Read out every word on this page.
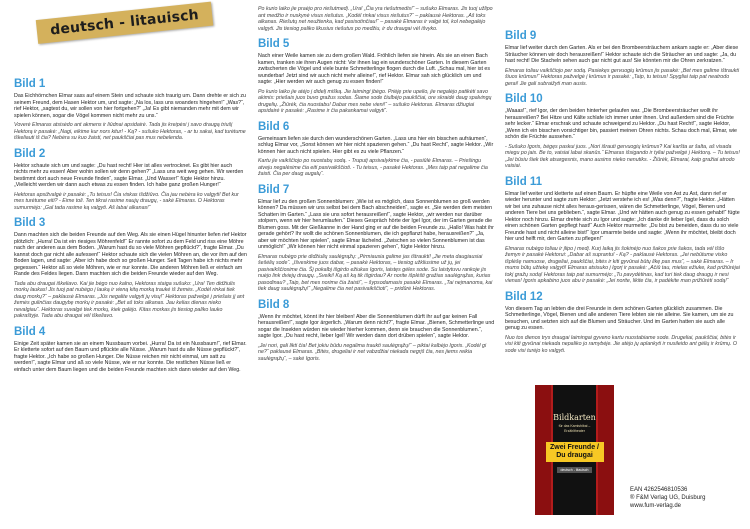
deutsch - litauisch
Bild 1

Das Eichhörnchen Elmar sass auf einem Stein und schaute sich traurig um. Dann drehte er sich zu seinem Freund, dem Hasen Hektor um, und sagte: „Na los, lass uns woanders hingehen!“ „Was?“, rief Hektor, „sagtest du, wir sollen von hier fortgehen?“ „Ja! Es gibt niemanden mehr mit dem wir spielen können, sogar die Vögel kommen nicht mehr zu uns.“

Voverė Elmaras atsisėdo ant akmens ir liūdnai apsidairė. Tada jis kreipėsi į savo draugą triušį Hektorą ir pasakė: „Nagi, eikime kur nors kitur! - Ką? - sušuko Hektoras, - ar tu sakai, kad turėtume iškeliauti iš čia? Nebėra su kuo žaisti, net paukščiai pas mus nebelenda.

Bild 2

Hektor schaute sich um und sagte: „Du hast recht! Hier ist alles vertrocknet. Es gibt hier auch nichts mehr zu essen! Aber wohin sollen wir denn gehen?“ „Lass uns weit weg gehen. Wir werden bestimmt dort auch neue Freunde finden“, sagte Elmar. „Und Wasser!“ fügte Hektor hinzu. „Vielleicht werden wir dann auch etwas zu essen finden. Ich habe ganz großen Hunger!“

Hektoras apsižvalgė ir pasakė: „Tu teisus! Čia viskas išdžiūvo. Čia jau nebėra ko valgyti! Bet kur mes turėtume eiti? - Eime toli. Ten tikrai rasime naujų draugų, - sakė Elmaras. O Hektoras sumurmėjo: „Gal tada rasime ką valgyti. Aš labai alkanas!“

Bild 3

Dann machten sich die beiden Freunde auf den Weg. Als sie einen Hügel hinunter liefen rief Hektor plötzlich: „Hurra! Da ist ein riesiges Möhrenfeld!“ Er rannte sofort zu dem Feld und riss eine Möhre nach der anderen aus dem Boden. „Warum hast du so viele Möhren gepflückt?“, fragte Elmar. „Du kannst doch gar nicht alle aufessen!“ Hektor schaute sich die vielen Möhren an, die vor ihm auf den Boden lagen, und sagte: „Aber ich habe doch so großen Hunger. Seit Tagen habe ich nichts mehr gegessen.“ Hektor aß so viele Möhren, wie er nur konnte. Die anderen Möhren ließ er einfach am Rande des Feldes liegen. Dann machten sich die beiden Freunde wieder auf den Weg.

Tada abu draugai iškeliavo. Kai jie bėgo nuo kalno, Hektoras staiga sušuko: „Ura! Ten didžiulis morkų laukas! Jis tuoj pat nubėgo į lauką ir vieną kitą morką traukė iš žemės. „Kodėl rinkai tiek daug morkų?“ – paklausė Elmaras. „Jūs negalite valgyti jų visų!“ Hektoras pažvelgė į priešais jį ant žemės gulinčias daugybę morkų ir pasakė: „Bet aš toks alkanas. Jau kelias dienas nieko nevalgiau“. Hektoras suvalgė tiek morkų, kiek galėjo. Kitas morkas jis tiesiog paliko lauko pakraštyje. Tada abu draugai vėl iškeliavo.

Bild 4

Einige Zeit später kamen sie an einem Nussbaum vorbei. „Hurra! Da ist ein Nussbaum!“, rief Elmar. Er kletterte sofort auf den Baum und pflückte alle Nüsse. „Warum hast du alle Nüsse gepflückt?“, fragte Hektor. „Ich habe so großen Hunger. Die Nüsse reichen mir nicht einmal, um satt zu werden!“, sagte Elmar und aß so viele Nüsse, wie er nur konnte. Die restlichen Nüsse ließ er einfach unter dem Baum liegen und die beiden Freunde machten sich dann wieder auf den Weg.

Po kurio laiko jie praėjo pro riešutmedį. „Ura! „Čia yra riešutmedis!“ – sušuko Elmaras. Jis tuoj užlipo ant medžio ir nuskynė visus riešutus. „Kodėl rinkai visus riešutus?“ – paklausė Hektoras. „Aš toks alkanas. Riešutų net neužtenka, kad pasisotinčiau!“ – pasakė Elmaras ir valgė tol, kol nebegalėjo valgyti. Jis tiesiog paliko likusius riešutus po medžiu, ir du draugai vėl išvyko.

Bild 5

Nach einer Weile kamen sie zu dem großen Wald. Fröhlich liefen sie hinein. Als sie an einen Bach kamen, tranken sie ihren Augen nicht: Vor ihnen lag ein wunderschöner Garten. In diesem Garten zwitscherten die Vögel und viele bunte Schmetterlinge flogen durch die Luft. „Schau mal, hier ist es wunderbar! Jetzt sind wir auch nicht mehr alleine!“, rief Hektor. Elmar sah sich glücklich um und sagte: „Hier werden wir auch genug zu essen finden!“

Po kurio laiko jie atėjo į didelį mišką. Jie laimingi įbėgo. Priėję prie upelio, jie negalėjo patikėti savo akimis: priešais juos buvo gražus sodas. Šiame sode čiulbėjo paukščiai, ore skraidė daug spalvingų drugelių. „Žiūrėk, čia nuostabu! Dabar mes nebe vieni!“ – sušuko Hektoras. Elmaras džiugiai apsidairė ir pasakė: „Rasime ir čia pakankamai valgyti“.

Bild 6

Gemeinsam liefen sie durch den wunderschönen Garten. „Lass uns hier ein bisschen aufräumen“, schlug Elmar vor, „Sonst können wir hier nicht spazieren gehen.“ „Du hast Recht“, sagte Hektor. „Wir können hier auch nicht spielen. Hier gibt es zu viele Pflanzen.“

Kartu jie vaikščiojo po nuostabų sodą. - Truputį apsivalykime čia, - pasiūlė Elmaras. – Priešingu atveju negalėsime čia eiti pasivaikščioti. - Tu teisus, - pasakė Hektoras. „Mes taip pat negalime čia žaisti. Čia per daug augalų“.

Bild 7

Elmar lief zu den großen Sonnenblumen: „Wie ist es möglich, dass Sonnenblumen so groß werden können? Da müssen wir uns selbst bei dem Bach abschneiden“, sagte er. „Sie werden dem meisten Schatten im Garten.“ „Lass sie uns sofort herausreißen!“, sagte Hektor, „wir werden nur darüber stolpern, wenn wir hier herumlaufen.“ Dieses Gespräch hörte der Igel Igor, der im Garten gerade die Blumen goss. Mit der Gießkanne in der Hand ging er auf die beiden Freunde zu. „Hallo! Was habt ihr gerade gehört? Ihr wollt die schönen Sonnenblumen, die ich gepflanzt habe, herausreißen?“ „Ja, aber wir möchten hier spielen“, sagte Elmar lächelnd. „Zwischen so vielen Sonnenblumen ist das unmöglich!“ „Wir können hier nicht einmal spazieren gehen“, fügte Hektor hinzu.

Elmaras nubėgo prie didžiulių saulėgrąžų: „Pirmiausia galime jas ištraukti! „Jie meta daugiausiai šešėlių sode“. „Išveskime juos dabar, – pasakė Hektoras, – tiesiog užkliusime už jų, jei pasivaikščiosime čia. Šį pokalbį išgirdo ežiukas Igoris, laistęs gėles sode. Su laistytuvu rankoje jis nuėjo link dviejų draugų. „Sveiki! Ką aš ką tik išgirdau? Ar norite išplėšti gražias saulėgrąžas, kurias pasodinau? „Taip, bet mes norime čia žaisti“, – šypsodamasis pasakė Elmaras. „Tai neįmanoma, kai tiek daug saulėgrąžų!“ „Negalime čia net pasivaikščioti“, – pridūrė Hektoras.

Bild 8

„Wenn ihr möchtet, könnt ihr hier bleiben! Aber die Sonnenblumen dürft ihr auf gar keinen Fall herausreißen!“, sagte Igor ärgerlich. „Warum denn nicht?“, fragte Elmar. „Bienen, Schmetterlinge und sogar die Insekten würden nie wieder hierher kommen, denn sie brauchen die Sonnenblumen.“, sagte Igor. „Du hast recht, lieber Igel! Wir werden dann dort drüben spielen“, sagte Hektor.

„Jei nori, gali likti čia! Bet jokiu būdu negalima traukti saulėgrąžų!“ – piktai kalbėjo Igoris. „Kodėl gi ne?“ paklausė Elmaras. „Bitės, drugeliai ir net vabzdžiai niekada negrįš čia, nes jiems reikia saulėgrąžų“, – sakė Igoris.

Bild 9

Elmar lief weiter durch den Garten. Als er bei den Brombeersträuchern ankam sagte er: „Aber diese Sträucher können wir doch herausreißen!“ Hektor schaute sich die Sträucher an und sagte: „Ja, du hast recht! Die Stacheln sehen auch gar nicht gut aus! Sie könnten mir die Ohren zerkratzen.“

Elmaras toliau vaikščiojo per sodą. Pasiekęs gervuogių krūmus jis pasakė: „Bet mes galime ištraukti šiuos krūmus!“ Hektoras pažvelgė į krūmus ir pasakė: „Taip, tu teisus! Spygliai taip pat neatrodo gerai! Jie gali subraižyti man ausis.

Bild 10

„Waaas!“, rief Igor, der den beiden hinterher gelaufen war. „Die Brombeersträucher wollt ihr herausreißen? Bei Hitze und Kälte schlafe ich immer unter ihnen. Und außerdem sind die Früchte sehr lecker.“ Elmar erschrak und schaute schweigend zu Hektor. „Du hast Recht!“, sagte Hektor, „Wenn ich ein bisschen vorsichtiger bin, passiert meinen Ohren nichts. Schau doch mal, Elmar, wie schön die Früchte aussehen.“

- Sušuko Igoris, bėgęs paskui juos. „Nori išrauti gervuogių krūmus? Kai karšta ar šalta, aš visada miegu po jais. Be to, vaisiai labai skanūs.“ Elmaras išsigando ir tyliai pažvelgė į Hektorą. – Tu teisus! „Jei būsiu šiek tiek atsargesnis, mano ausims nieko nenutiks. - Žiūrėk, Elmarai, kaip gražiai atrodo vaisiai.

Bild 11

Elmar lief weiter und kletterte auf einen Baum. Er hüpfte eine Weile von Ast zu Ast, dann rief er wieder herunter und sagte zum Hektor: „Jetzt verstehe ich es! „Was denn?“, fragte Hektor. „Hätten wir bei uns zuhause nicht alles heraus-gerissen, wären die Schmetterlinge, Vögel, Bienen und anderen Tiere bei uns geblieben.“, sagte Elmar. „Und wir hätten auch genug zu essen gehabt!“ fügte Hektor noch hinzu. Elmar drehte sich zu Igor und sagte: „Ich danke dir lieber Igel, dass du solch einen schönen Garten gepflegt hast!“ Auch Hektor murmelte: „Du bist zu beneiden, dass du so viele Freunde hast und nicht alleine bist!“ Igor umarmte beide und sagte: „Wenn ihr möchtet, bleibt doch hier und helft mir, den Garten zu pflegen!“

Elmaras nubėgo toliau ir įlipo į medį. Kurį laiką jis šokinėjo nuo šakos prie šakos, tada vėl iššo žemyn ir pasakė Hektorui: „Dabar aš suprantu! - Ką? - paklausė Hektoras. „Jei nebūtume visko išplėšę namuose, drugeliai, paukščiai, bitės ir kiti gyvūnai būtų likę pas mus“, – sakė Elmaras. – Ir mums būtų užtekę valgyti! Elmaras atsisuko į Igorį ir pasakė: „Ačiū tau, mielas ežiuke, kad prižiūrėjai tokį gražų sodą! Hektoras taip pat sumurmėjo: „Tu pavydėtinas, kad turi tiek daug draugų ir nesi vienas! Igoris apkabino juos abu ir pasakė: „Jei norite, likite čia, ir padėkite man prižiūrėti sodą!“

Bild 12

Von diesem Tag an lebten die drei Freunde in dem schönen Garten glücklich zusammen. Die Schmetterlinge, Vögel, Bienen und alle anderen Tiere lebten sie nie alleine. Sie kamen, um sie zu besuchen, und setzten sich auf die Blumen und Sträucher. Und im Garten hatten sie auch alle genug zu essen.

Nuo tos dienos trys draugai laimingai gyveno kartu nuostabiame sode. Drugeliai, paukščiai, bitės ir visi kiti gyvūnai niekada nepaliko jo ramybėje. Jie atėjo jų aplankyti ir nusileido ant gėlių ir krūmų. O sode visi turėjo ko valgyti.

Bildkarten
für das Kamishibai – Erzähltheater
Zwei Freunde /
Du draugai
deutsch - litauisch
EAN 4262546810536
® F&M Verlag UG, Duisburg
www.fum-verlag.de
